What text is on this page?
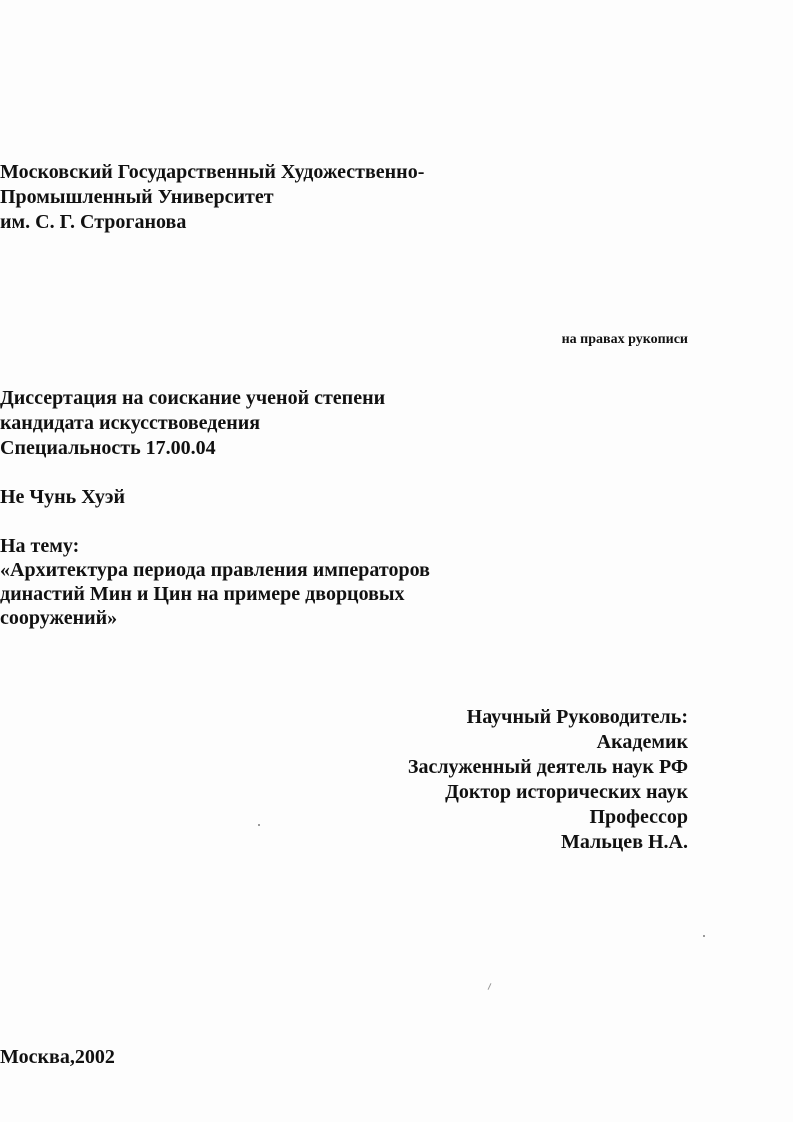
Московский Государственный Художественно-
Промышленный Университет
им. С. Г. Строганова
на правах рукописи
Диссертация на соискание ученой степени
кандидата искусствоведения
Специальность 17.00.04
Не Чунь Хуэй
На тему:
«Архитектура периода правления императоров
династий Мин и Цин на примере дворцовых
сооружений»
Научный Руководитель:
Академик
Заслуженный деятель наук РФ
Доктор исторических наук
Профессор
Мальцев Н.А.
Москва,2002
